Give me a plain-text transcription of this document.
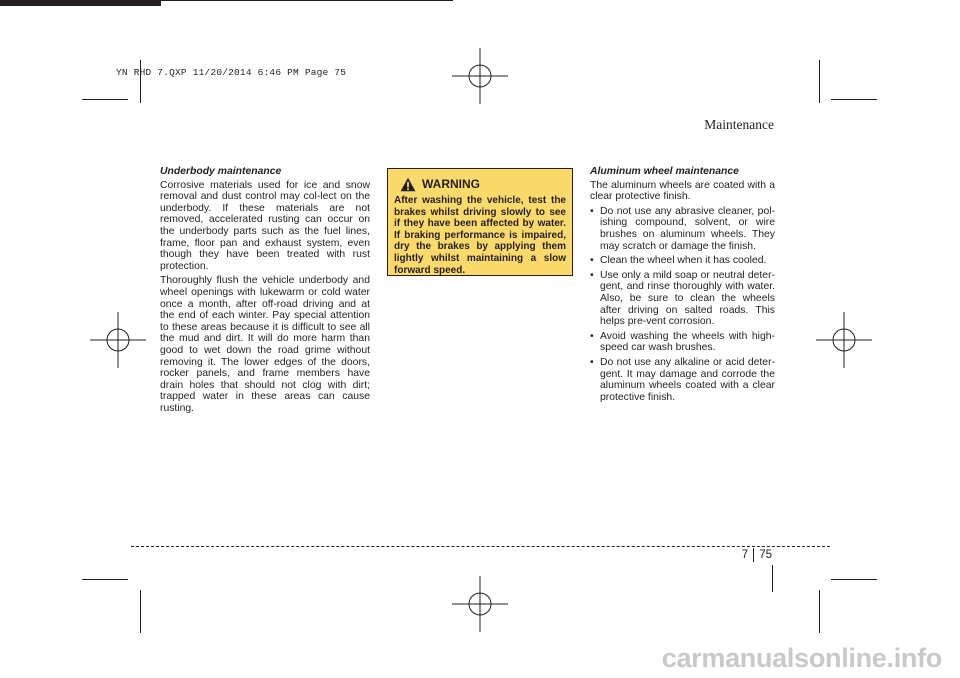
YN RHD 7.QXP 11/20/2014 6:46 PM Page 75
Maintenance
Underbody maintenance

Corrosive materials used for ice and snow removal and dust control may col-lect on the underbody. If these materials are not removed, accelerated rusting can occur on the underbody parts such as the fuel lines, frame, floor pan and exhaust system, even though they have been treated with rust protection.

Thoroughly flush the vehicle underbody and wheel openings with lukewarm or cold water once a month, after off-road driving and at the end of each winter. Pay special attention to these areas because it is difficult to see all the mud and dirt. It will do more harm than good to wet down the road grime without removing it. The lower edges of the doors, rocker panels, and frame members have drain holes that should not clog with dirt; trapped water in these areas can cause rusting.

WARNING
After washing the vehicle, test the brakes whilst driving slowly to see if they have been affected by water. If braking performance is impaired, dry the brakes by applying them lightly whilst maintaining a slow forward speed.
Aluminum wheel maintenance

The aluminum wheels are coated with a clear protective finish.

• Do not use any abrasive cleaner, pol-ishing compound, solvent, or wire brushes on aluminum wheels. They may scratch or damage the finish.
• Clean the wheel when it has cooled.
• Use only a mild soap or neutral deter-gent, and rinse thoroughly with water. Also, be sure to clean the wheels after driving on salted roads. This helps pre-vent corrosion.
• Avoid washing the wheels with high-speed car wash brushes.
• Do not use any alkaline or acid deter-gent. It may damage and corrode the aluminum wheels coated with a clear protective finish.
7 75
carmanualsonline.info
